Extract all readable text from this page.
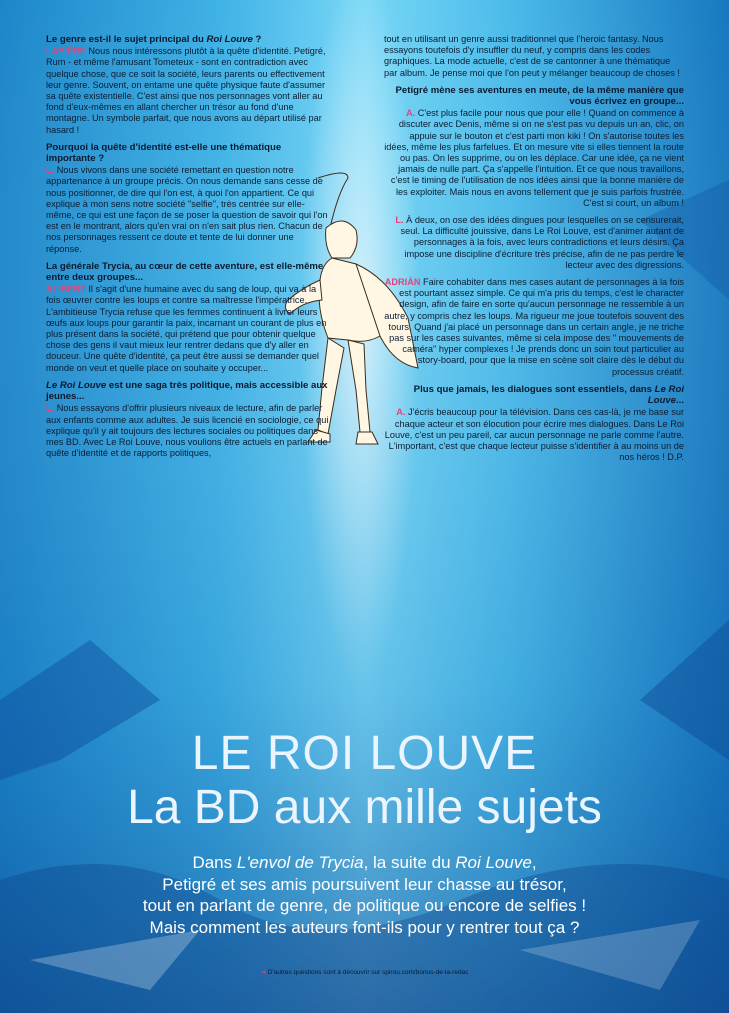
Le genre est-il le sujet principal du Roi Louve ?
LAPIÈRE Nous nous intéressons plutôt à la quête d'identité. Petigré, Rum - et même l'amusant Tometeux - sont en contradiction avec quelque chose, que ce soit la société, leurs parents ou effectivement leur genre. Souvent, on entame une quête physique faute d'assumer sa quête existentielle. C'est ainsi que nos personnages vont aller au fond d'eux-mêmes en allant chercher un trésor au fond d'une montagne. Un symbole parfait, que nous avons au départ utilisé par hasard !
Pourquoi la quête d'identité est-elle une thématique importante ?
L. Nous vivons dans une société remettant en question notre appartenance à un groupe précis. On nous demande sans cesse de nous positionner, de dire qui l'on est, à quoi l'on appartient. Ce qui explique à mon sens notre société "selfie", très centrée sur elle-même, ce qui est une façon de se poser la question de savoir qui l'on est en le montrant, alors qu'en vrai on n'en sait plus rien. Chacun de nos personnages ressent ce doute et tente de lui donner une réponse.
La générale Trycia, au cœur de cette aventure, est elle-même entre deux groupes...
ALIBERT Il s'agit d'une humaine avec du sang de loup, qui va à la fois œuvrer contre les loups et contre sa maîtresse l'impératrice. L'ambitieuse Trycia refuse que les femmes continuent à livrer leurs œufs aux loups pour garantir la paix, incarnant un courant de plus en plus présent dans la société, qui prétend que pour obtenir quelque chose des gens il vaut mieux leur rentrer dedans que d'y aller en douceur. Une quête d'identité, ça peut être aussi se demander quel monde on veut et quelle place on souhaite y occuper...
Le Roi Louve est une saga très politique, mais accessible aux jeunes...
L. Nous essayons d'offrir plusieurs niveaux de lecture, afin de parler aux enfants comme aux adultes. Je suis licencié en sociologie, ce qui explique qu'il y ait toujours des lectures sociales ou politiques dans mes BD. Avec Le Roi Louve, nous voulions être actuels en parlant de quête d'identité et de rapports politiques,
tout en utilisant un genre aussi traditionnel que l'heroic fantasy. Nous essayons toutefois d'y insuffler du neuf, y compris dans les codes graphiques. La mode actuelle, c'est de se cantonner à une thématique par album. Je pense moi que l'on peut y mélanger beaucoup de choses !
Petigré mène ses aventures en meute, de la même manière que vous écrivez en groupe...
A. C'est plus facile pour nous que pour elle ! Quand on commence à discuter avec Denis, même si on ne s'est pas vu depuis un an, clic, on appuie sur le bouton et c'est parti mon kiki ! On s'autorise toutes les idées, même les plus farfelues. Et on mesure vite si elles tiennent la route ou pas. On les supprime, ou on les déplace. Car une idée, ça ne vient jamais de nulle part. Ça s'appelle l'intuition. Et ce que nous travaillons, c'est le timing de l'utilisation de nos idées ainsi que la bonne manière de les exploiter. Mais nous en avons tellement que je suis parfois frustrée. C'est si court, un album !
L. À deux, on ose des idées dingues pour lesquelles on se censurerait, seul. La difficulté jouissive, dans Le Roi Louve, est d'animer autant de personnages à la fois, avec leurs contradictions et leurs désirs. Ça impose une discipline d'écriture très précise, afin de ne pas perdre le lecteur avec des digressions.
ADRIÀN Faire cohabiter dans mes cases autant de personnages à la fois est pourtant assez simple. Ce qui m'a pris du temps, c'est le character design, afin de faire en sorte qu'aucun personnage ne ressemble à un autre, y compris chez les loups. Ma rigueur me joue toutefois souvent des tours. Quand j'ai placé un personnage dans un certain angle, je ne triche pas sur les cases suivantes, même si cela impose des " mouvements de caméra" hyper complexes ! Je prends donc un soin tout particulier au story-board, pour que la mise en scène soit claire dès le début du processus créatif.
Plus que jamais, les dialogues sont essentiels, dans Le Roi Louve...
A. J'écris beaucoup pour la télévision. Dans ces cas-là, je me base sur chaque acteur et son élocution pour écrire mes dialogues. Dans Le Roi Louve, c'est un peu pareil, car aucun personnage ne parle comme l'autre. L'important, c'est que chaque lecteur puisse s'identifier à au moins un de nos héros ! D.P.
LE ROI LOUVE
La BD aux mille sujets
Dans L'envol de Trycia, la suite du Roi Louve,
Petigré et ses amis poursuivent leur chasse au trésor,
tout en parlant de genre, de politique ou encore de selfies !
Mais comment les auteurs font-ils pour y rentrer tout ça ?
➜ D'autres questions sont à découvrir sur spirou.com/bonus-de-la-redac
